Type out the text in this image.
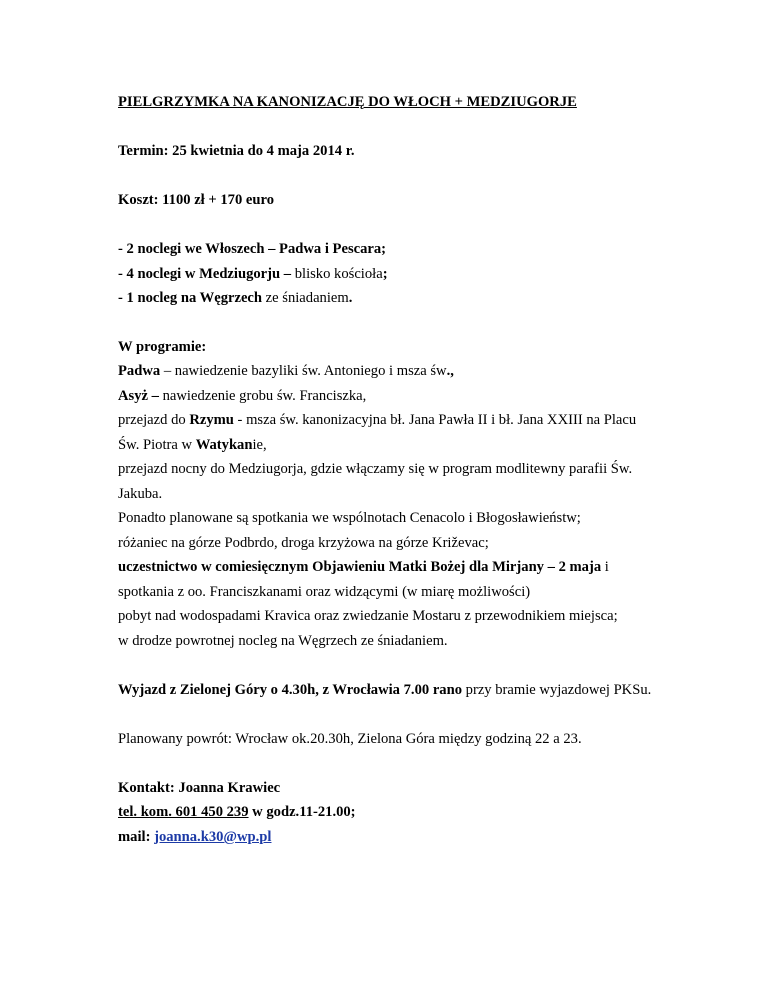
PIELGRZYMKA NA KANONIZACJĘ DO WŁOCH + MEDZIUGORJE
Termin: 25 kwietnia do 4 maja 2014 r.
Koszt: 1100 zł + 170 euro
- 2 noclegi we Włoszech – Padwa i Pescara;
- 4 noclegi w Medziugorju – blisko kościoła;
- 1 nocleg na Węgrzech ze śniadaniem.
W programie:
Padwa – nawiedzenie bazyliki św. Antoniego i msza św.,
Asyż – nawiedzenie grobu św. Franciszka,
przejazd do Rzymu - msza św. kanonizacyjna bł. Jana Pawła II i bł. Jana XXIII na Placu
Św. Piotra w Watykanie,
przejazd nocny do Medziugorja, gdzie włączamy się w program modlitewny parafii Św.
Jakuba.
Ponadto planowane są spotkania we wspólnotach Cenacolo i Błogosławieństw;
różaniec na górze Podbrdo, droga krzyżowa na górze Križevac;
uczestnictwo w comiesięcznym Objawieniu Matki Bożej dla Mirjany – 2 maja i
spotkania z oo. Franciszkanami oraz widzącymi (w miarę możliwości)
pobyt nad wodospadami Kravica oraz zwiedzanie Mostaru z przewodnikiem miejsca;
w drodze powrotnej nocleg na Węgrzech ze śniadaniem.
Wyjazd z Zielonej Góry o 4.30h, z Wrocławia 7.00 rano przy bramie wyjazdowej PKSu.
Planowany powrót: Wrocław ok.20.30h, Zielona Góra między godziną 22 a 23.
Kontakt: Joanna Krawiec
tel. kom. 601 450 239 w godz.11-21.00;
mail: joanna.k30@wp.pl
